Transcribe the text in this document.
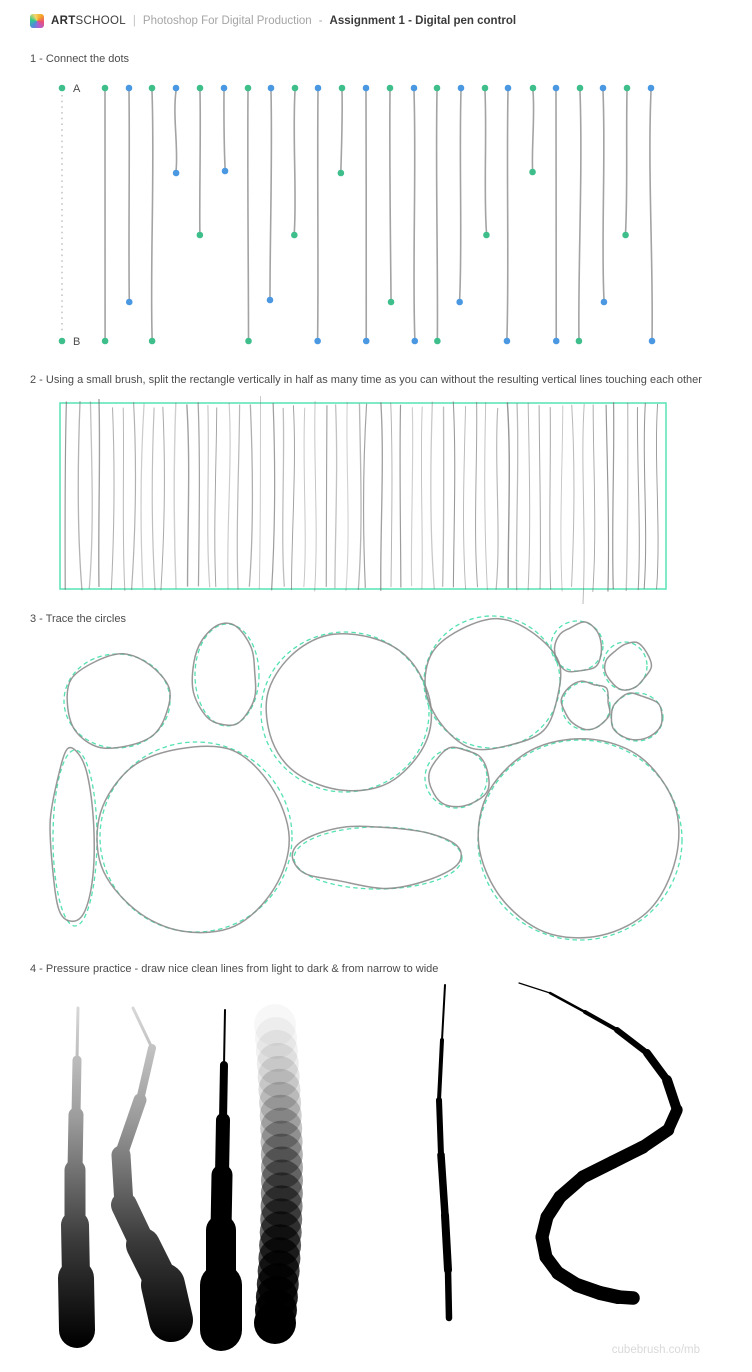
ARTSCHOOL | Photoshop For Digital Production - Assignment 1 - Digital pen control
1 - Connect the dots
2 - Using a small brush, split the rectangle vertically in half as many time as you can without the resulting vertical lines touching each other
3 - Trace the circles
4 - Pressure practice - draw nice clean lines from light to dark & from narrow to wide
A
B
cubebrush.co/mb
